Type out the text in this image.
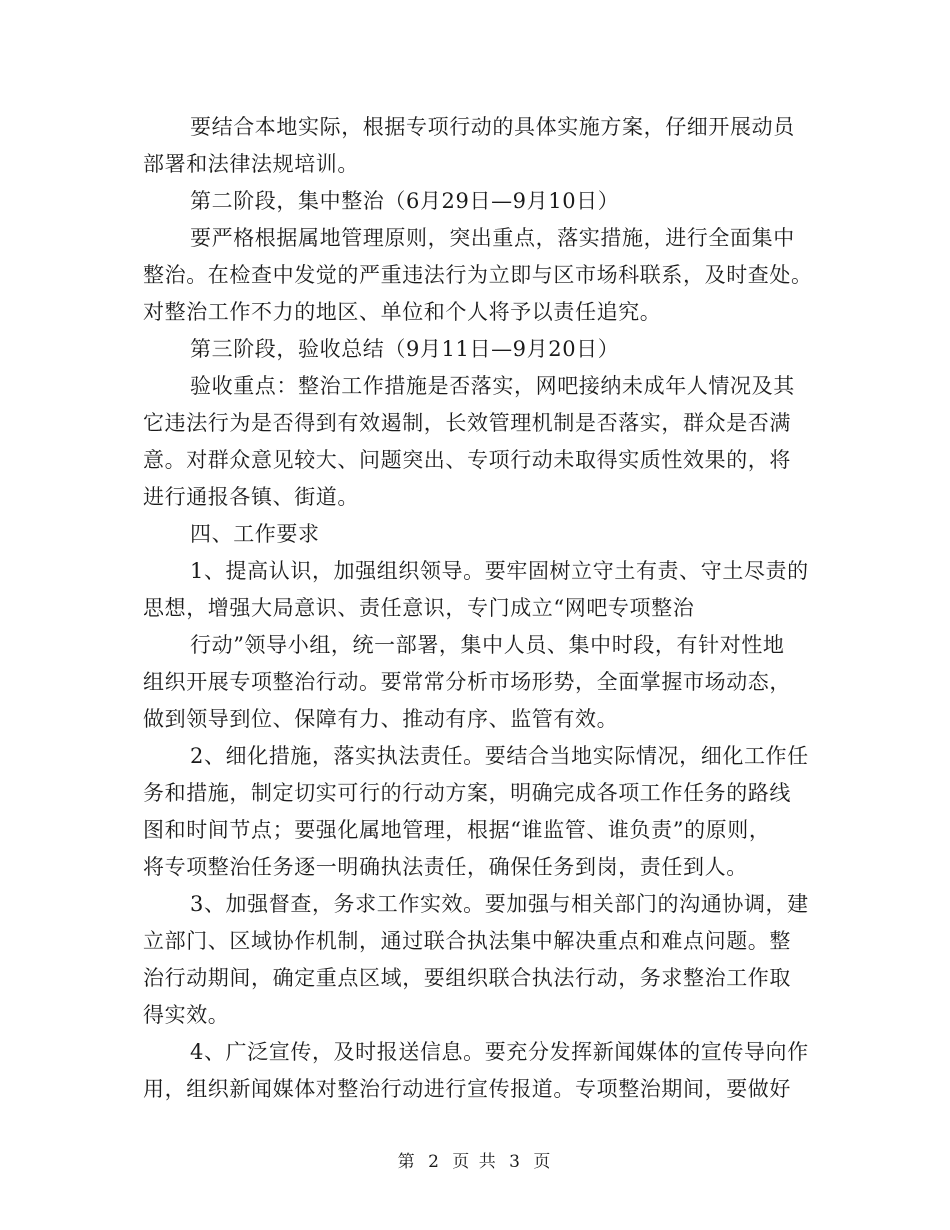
要结合本地实际，根据专项行动的具体实施方案，仔细开展动员
部署和法律法规培训。
第二阶段，集中整治（6月29日—9月10日）
要严格根据属地管理原则，突出重点，落实措施，进行全面集中
整治。在检查中发觉的严重违法行为立即与区市场科联系，及时查处。
对整治工作不力的地区、单位和个人将予以责任追究。
第三阶段，验收总结（9月11日—9月20日）
验收重点：整治工作措施是否落实，网吧接纳未成年人情况及其
它违法行为是否得到有效遏制，长效管理机制是否落实，群众是否满
意。对群众意见较大、问题突出、专项行动未取得实质性效果的，将
进行通报各镇、街道。
四、工作要求
1、提高认识，加强组织领导。要牢固树立守土有责、守土尽责的
思想，增强大局意识、责任意识，专门成立“网吧专项整治
行动”领导小组，统一部署，集中人员、集中时段，有针对性地
组织开展专项整治行动。要常常分析市场形势，全面掌握市场动态，
做到领导到位、保障有力、推动有序、监管有效。
2、细化措施，落实执法责任。要结合当地实际情况，细化工作任
务和措施，制定切实可行的行动方案，明确完成各项工作任务的路线
图和时间节点；要强化属地管理，根据“谁监管、谁负责”的原则，
将专项整治任务逐一明确执法责任，确保任务到岗，责任到人。
3、加强督查，务求工作实效。要加强与相关部门的沟通协调，建
立部门、区域协作机制，通过联合执法集中解决重点和难点问题。整
治行动期间，确定重点区域，要组织联合执法行动，务求整治工作取
得实效。
4、广泛宣传，及时报送信息。要充分发挥新闻媒体的宣传导向作
用，组织新闻媒体对整治行动进行宣传报道。专项整治期间，要做好
第 2 页 共 3 页
